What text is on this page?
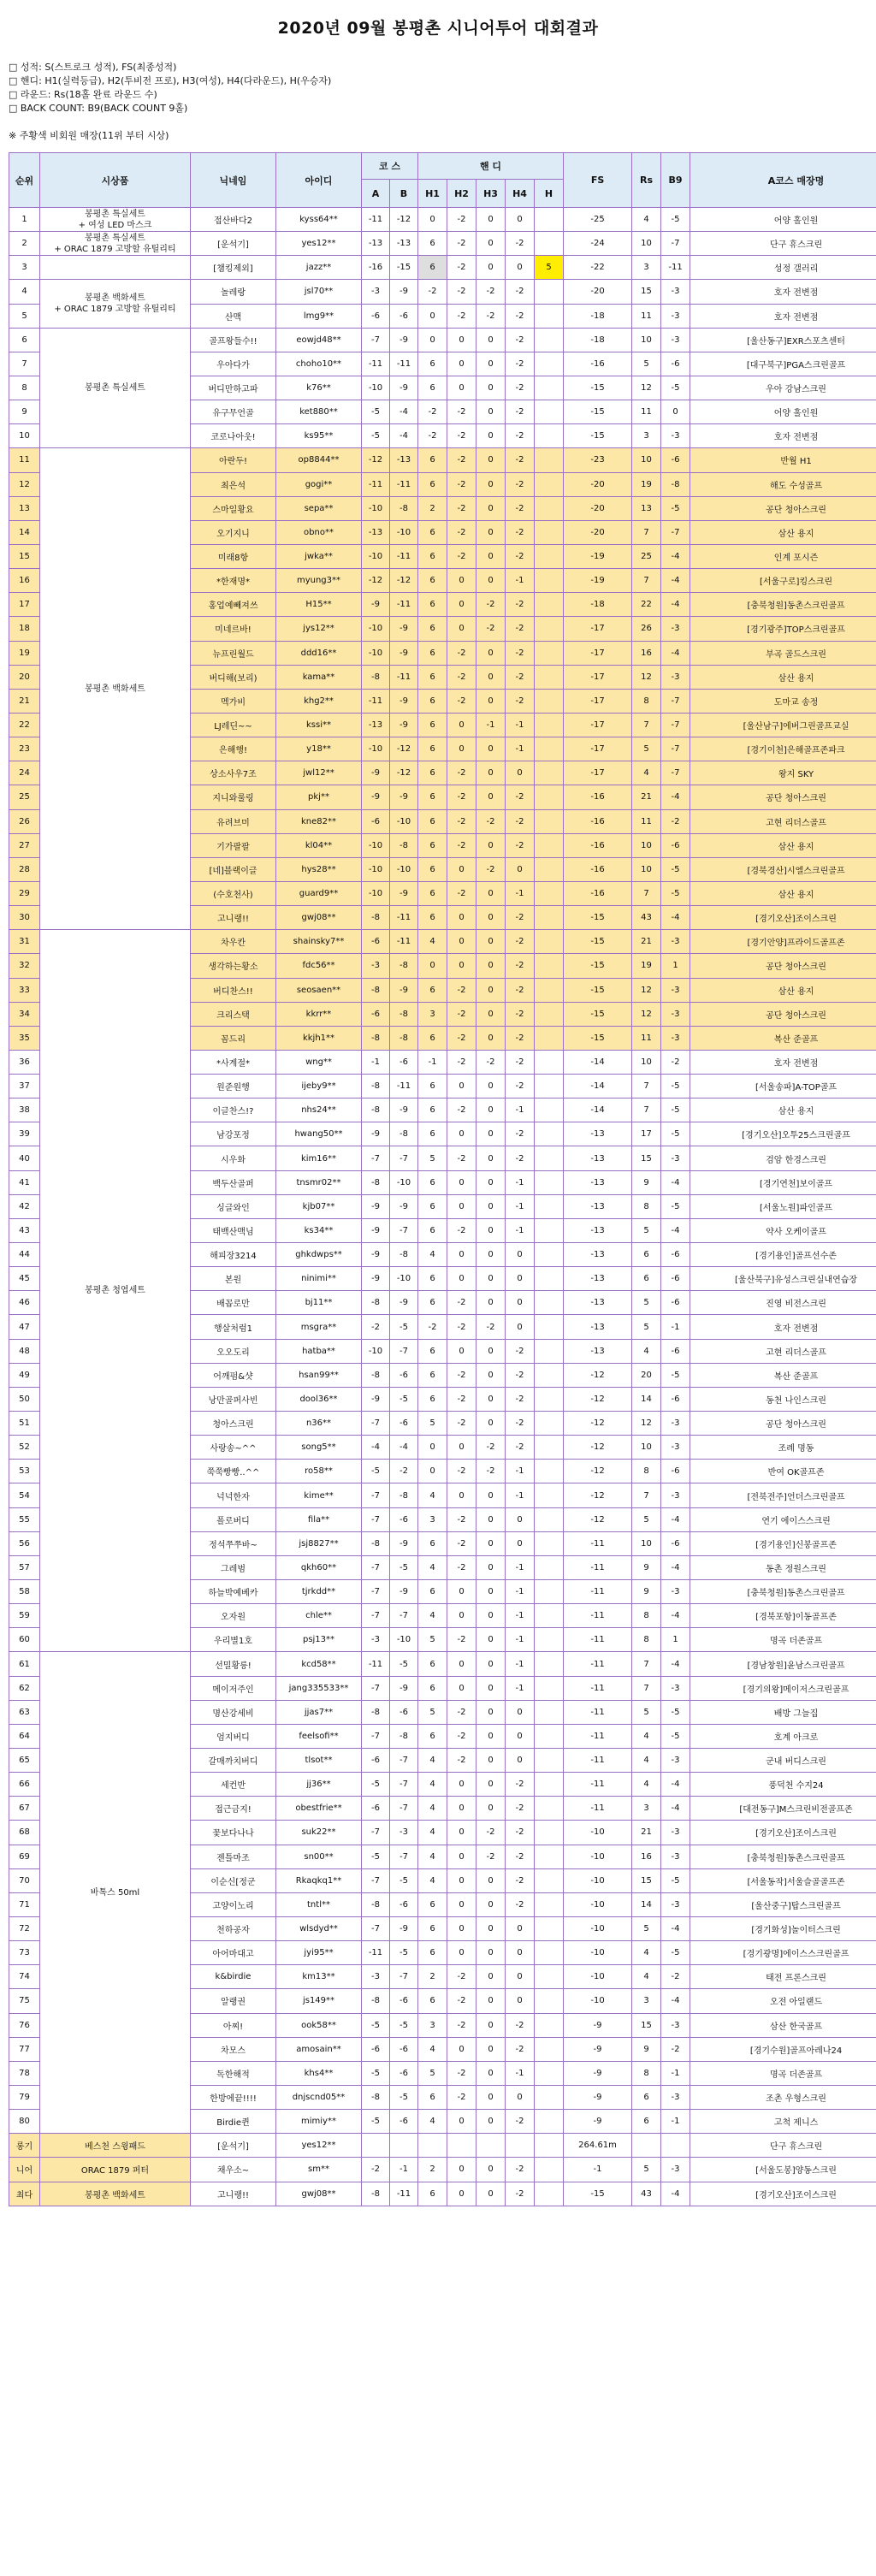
2020년 09월 봉평촌 시니어투어 대회결과
□ 성적: S(스트로크 성적), FS(최종성적)
□ 핸디: H1(실력등급), H2(투비전 프로), H3(여성), H4(다라운드), H(우승자)
□ 라운드: Rs(18홀 완료 라운드 수)
□ BACK COUNT: B9(BACK COUNT 9홀)
※ 주황색 비회원 매장(11위 부터 시상)
순위	시상품	닉네임	아이디	코 스		핸 디					FS	Rs	B9	A코스 매장명
				A	B	H1	H2	H3	H4	H				
1	봉평촌 특실세트
+ 여성 LED 마스크	접산바다2	kyss64**	-11	-12	0	-2	0	0		-25	4	-5	어양 홀인원
2	봉평촌 특실세트
+ ORAC 1879 고방할 유틸리티	[운석기]	yes12**	-13	-13	6	-2	0	-2		-24	10	-7	단구 휴스크린
3		[챔킹제외]	jazz**	-16	-15	6	-2	0	0	5	-22	3	-11	성정 갤러리
4	봉평촌 백화세트
+ ORAC 1879 고방할 유틸리티	놀레랑	jsl70**	-3	-9	-2	-2	-2	-2		-20	15	-3	호자 전변점
5		산맥	lmg9**	-6	-6	0	-2	-2	-2		-18	11	-3	호자 전변점
6	봉평촌 특실세트	골프왕들수!!	eowjd48**	-7	-9	0	0	0	-2		-18	10	-3	[울산동구]EXR스포츠센터
7		우아다가	choho10**	-11	-11	6	0	0	-2		-16	5	-6	[대구북구]PGA스크린골프
8		버디만하고파	k76**	-10	-9	6	0	0	-2		-15	12	-5	우아 강남스크린
9		유구무언골	ket880**	-5	-4	-2	-2	0	-2		-15	11	0	어양 홀인원
10		코로나아웃!	ks95**	-5	-4	-2	-2	0	-2		-15	3	-3	호자 전변점
11	봉평촌 백화세트	아란두!	op8844**	-12	-13	6	-2	0	-2		-23	10	-6	반월 H1
12		최은석	gogi**	-11	-11	6	-2	0	-2		-20	19	-8	해도 수성골프
13		스마일황요	sepa**	-10	-8	2	-2	0	-2		-20	13	-5	공단 청아스크린
14		오기지니	obno**	-13	-10	6	-2	0	-2		-20	7	-7	삼산 용지
15		미래8항	jwka**	-10	-11	6	-2	0	-2		-19	25	-4	인계 포시즌
16		*한재명*	myung3**	-12	-12	6	0	0	-1		-19	7	-4	[서울구로]킹스크린
17		홍업예빼져쓰	H15**	-9	-11	6	0	-2	-2		-18	22	-4	[충북청원]동촌스크린골프
18		미네르바!	jys12**	-10	-9	6	0	-2	-2		-17	26	-3	[경기광주]TOP스크린골프
19		뉴프린월드	ddd16**	-10	-9	6	-2	0	-2		-17	16	-4	부곡 골드스크린
20		버디해(보리)	kama**	-8	-11	6	-2	0	-2		-17	12	-3	삼산 용지
21		멕가비	khg2**	-11	-9	6	-2	0	-2		-17	8	-7	도마교 송정
22		LJ레딘~~	kssi**	-13	-9	6	0	-1	-1		-17	7	-7	[울산남구]에버그린골프교실
23		은해행!	y18**	-10	-12	6	0	0	-1		-17	5	-7	[경기이천]은해골프존파크
24		상소사우7조	jwl12**	-9	-12	6	-2	0	0		-17	4	-7	왕지 SKY
25		지니와룰링	pkj**	-9	-9	6	-2	0	-2		-16	21	-4	공단 청아스크린
26		유려브미	kne82**	-6	-10	6	-2	-2	-2		-16	11	-2	고현 리더스골프
27		기가팔팔	kl04**	-10	-8	6	-2	0	-2		-16	10	-6	삼산 용지
28		[네]블랙이글	hys28**	-10	-10	6	0	-2	0		-16	10	-5	[경북경산]시엘스크린골프
29		(수호천사)	guard9**	-10	-9	6	-2	0	-1		-16	7	-5	삼산 용지
30		고니랭!!	gwj08**	-8	-11	6	0	0	-2		-15	43	-4	[경기오산]조이스크린
31	봉평촌 청엽세트	차우칸	shainsky7**	-6	-11	4	0	0	-2		-15	21	-3	[경기안양]프라이드골프존
32		생각하는황소	fdc56**	-3	-8	0	0	0	-2		-15	19	1	공단 청아스크린
33		버디찬스!!	seosaen**	-8	-9	6	-2	0	-2		-15	12	-3	삼산 용지
34		크리스택	kkrr**	-6	-8	3	-2	0	-2		-15	12	-3	공단 청아스크린
35		꼼드리	kkjh1**	-8	-8	6	-2	0	-2		-15	11	-3	복산 준골프
36		*사계절*	wng**	-1	-6	-1	-2	-2	-2		-14	10	-2	호자 전변점
37		원준원행	ijeby9**	-8	-11	6	0	0	-2		-14	7	-5	[서울송파]A-TOP골프
38		이글찬스!?	nhs24**	-8	-9	6	-2	0	-1		-14	7	-5	삼산 용지
39		남강포정	hwang50**	-9	-8	6	0	0	-2		-13	17	-5	[경기오산]오투25스크린골프
40		시우화	kim16**	-7	-7	5	-2	0	-2		-13	15	-3	검암 한경스크린
41		백두산골퍼	tnsmr02**	-8	-10	6	0	0	-1		-13	9	-4	[경기연천]보이골프
42		싱글와인	kjb07**	-9	-9	6	0	0	-1		-13	8	-5	[서울노원]파인골프
43		태백산맥님	ks34**	-9	-7	6	-2	0	-1		-13	5	-4	약사 오케이골프
44		해피장3214	ghkdwps**	-9	-8	4	0	0	0		-13	6	-6	[경기용인]골프선수존
45		본원	ninimi**	-9	-10	6	0	0	0		-13	6	-6	[울산북구]유성스크린실내연습장
46		배꼽로만	bj11**	-8	-9	6	-2	0	0		-13	5	-6	진영 비전스크린
47		행살처럼1	msgra**	-2	-5	-2	-2	-2	0		-13	5	-1	호자 전변점
48		오오도리	hatba**	-10	-7	6	0	0	-2		-13	4	-6	고현 리더스골프
49		어깨펌&샷	hsan99**	-8	-6	6	-2	0	-2		-12	20	-5	복산 준골프
50		낭만골퍼사빈	dool36**	-9	-5	6	-2	0	-2		-12	14	-6	동천 나인스크린
51		청아스크린	n36**	-7	-6	5	-2	0	-2		-12	12	-3	공단 청아스크린
52		사랑송~^^	song5**	-4	-4	0	0	-2	-2		-12	10	-3	조례 명동
53		쭉쭉빵빵..^^	ro58**	-5	-2	0	-2	-2	-1		-12	8	-6	반여 OK골프존
54		넉넉한자	kime**	-7	-8	4	0	0	-1		-12	7	-3	[전북전주]언더스크린골프
55		폴로버디	fila**	-7	-6	3	-2	0	0		-12	5	-4	연기 에이스스크린
56		정석쭈쭈바~	jsj8827**	-8	-9	6	-2	0	0		-11	10	-6	[경기용인]신봉골프존
57		그레범	qkh60**	-7	-5	4	-2	0	-1		-11	9	-4	동촌 정원스크린
58		하늘박예베카	tjrkdd**	-7	-9	6	0	0	-1		-11	9	-3	[충북청원]동촌스크린골프
59		오자원	chle**	-7	-7	4	0	0	-1		-11	8	-4	[경북포항]이동골프존
60		우리별1호	psj13**	-3	-10	5	-2	0	-1		-11	8	1	명곡 더존골프
61	바톡스 50ml	선밀황릉!	kcd58**	-11	-5	6	0	0	-1		-11	7	-4	[경남창원]윤남스크린골프
62		메이저주인	jang335533**	-7	-9	6	0	0	-1		-11	7	-3	[경기의왕]메이저스크린골프
63		명산강세비	jjas7**	-8	-6	5	-2	0	0		-11	5	-5	배방 그늘집
64		엄지버디	feelsofi**	-7	-8	6	-2	0	0		-11	4	-5	호계 아크로
65		갈매까치버디	tlsot**	-6	-7	4	-2	0	0		-11	4	-3	군내 버디스크린
66		세컨반	jj36**	-5	-7	4	0	0	-2		-11	4	-4	풍덕천 수지24
67		접근금지!	obestfrie**	-6	-7	4	0	0	-2		-11	3	-4	[대전동구]M스크린비전골프존
68		꽃보다나나	suk22**	-7	-3	4	0	-2	-2		-10	21	-3	[경기오산]조이스크린
69		젠틀마조	sn00**	-5	-7	4	0	-2	-2		-10	16	-3	[충북청원]동촌스크린골프
70		이순신[정군	Rkaqkq1**	-7	-5	4	0	0	-2		-10	15	-5	[서울동작]서울슬골골프존
71		고양이노리	tntl**	-8	-6	6	0	0	-2		-10	14	-3	[울산중구]탑스크린골프
72		천하공자	wlsdyd**	-7	-9	6	0	0	0		-10	5	-4	[경기화성]놀이터스크린
73		아어마대고	jyi95**	-11	-5	6	0	0	0		-10	4	-5	[경기광명]에이스스크린골프
74		k&birdie	km13**	-3	-7	2	-2	0	0		-10	4	-2	태전 프론스크린
75		알랭권	js149**	-8	-6	6	-2	0	0		-10	3	-4	오전 아일랜드
76		아찌!	ook58**	-5	-5	3	-2	0	-2		-9	15	-3	삼산 한국골프
77		차모스	amosain**	-6	-6	4	0	0	-2		-9	9	-2	[경기수원]골프아레나24
78		독한해적	khs4**	-5	-6	5	-2	0	-1		-9	8	-1	명곡 더존골프
79		한방에끝!!!!	dnjscnd05**	-8	-5	6	-2	0	0		-9	6	-3	조촌 우형스크린
80		Birdie퀸	mimiy**	-5	-6	4	0	0	-2		-9	6	-1	고척 제니스
롱기	베스천 스윙패드	[운석기]	yes12**								264.61m			단구 휴스크린
니어	ORAC 1879 퍼터	채우소~	sm**	-2	-1	2	0	0	-2		-1	5	-3	[서울도봉]양동스크린
최다	봉평촌 백화세트	고니랭!!	gwj08**	-8	-11	6	0	0	-2		-15	43	-4	[경기오산]조이스크린
